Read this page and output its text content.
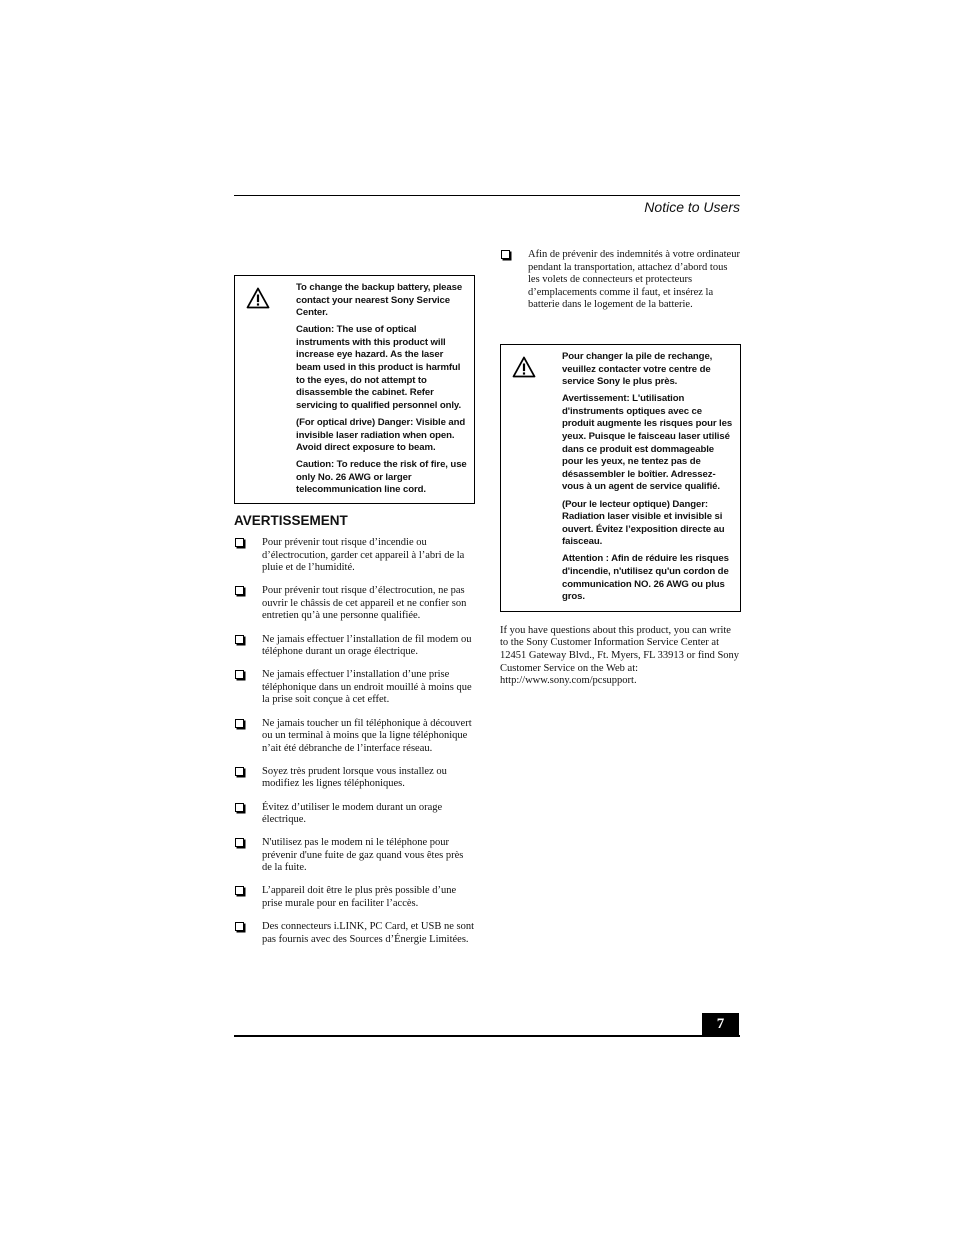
Notice to Users

To change the backup battery, please contact your nearest Sony Service Center.

Caution: The use of optical instruments with this product will increase eye hazard. As the laser beam used in this product is harmful to the eyes, do not attempt to disassemble the cabinet. Refer servicing to qualified personnel only.

(For optical drive) Danger: Visible and invisible laser radiation when open. Avoid direct exposure to beam.

Caution: To reduce the risk of fire, use only No. 26 AWG or larger telecommunication line cord.

AVERTISSEMENT
Pour prévenir tout risque d’incendie ou d’électrocution, garder cet appareil à l’abri de la pluie et de l’humidité.
Pour prévenir tout risque d’électrocution, ne pas ouvrir le châssis de cet appareil et ne confier son entretien qu’à une personne qualifiée.
Ne jamais effectuer l’installation de fil modem ou téléphone durant un orage électrique.
Ne jamais effectuer l’installation d’une prise téléphonique dans un endroit mouillé à moins que la prise soit conçue à cet effet.
Ne jamais toucher un fil téléphonique à découvert ou un terminal à moins que la ligne téléphonique n’ait été débranche de l’interface réseau.
Soyez très prudent lorsque vous installez ou modifiez les lignes téléphoniques.
Évitez d’utiliser le modem durant un orage électrique.
N'utilisez pas le modem ni le téléphone pour prévenir d'une fuite de gaz quand vous êtes près de la fuite.
L’appareil doit être le plus près possible d’une prise murale pour en faciliter l’accès.
Des connecteurs i.LINK, PC Card, et USB ne sont pas fournis avec des Sources d’Énergie Limitées.
Afin de prévenir des indemnités à votre ordinateur pendant la transportation, attachez d’abord tous les volets de connecteurs et protecteurs d’emplacements comme il faut, et insérez la batterie dans le logement de la batterie.

Pour changer la pile de rechange, veuillez contacter votre centre de service Sony le plus près.

Avertissement: L'utilisation d'instruments optiques avec ce produit augmente les risques pour les yeux. Puisque le faisceau laser utilisé dans ce produit est dommageable pour les yeux, ne tentez pas de désassembler le boîtier. Adressez-vous à un agent de service qualifié.

(Pour le lecteur optique) Danger: Radiation laser visible et invisible si ouvert. Évitez l’exposition directe au faisceau.

Attention : Afin de réduire les risques d'incendie, n'utilisez qu'un cordon de communication NO. 26 AWG ou plus gros.

If you have questions about this product, you can write to the Sony Customer Information Service Center at 12451 Gateway Blvd., Ft. Myers, FL 33913 or find Sony Customer Service on the Web at: http://www.sony.com/pcsupport.

7
